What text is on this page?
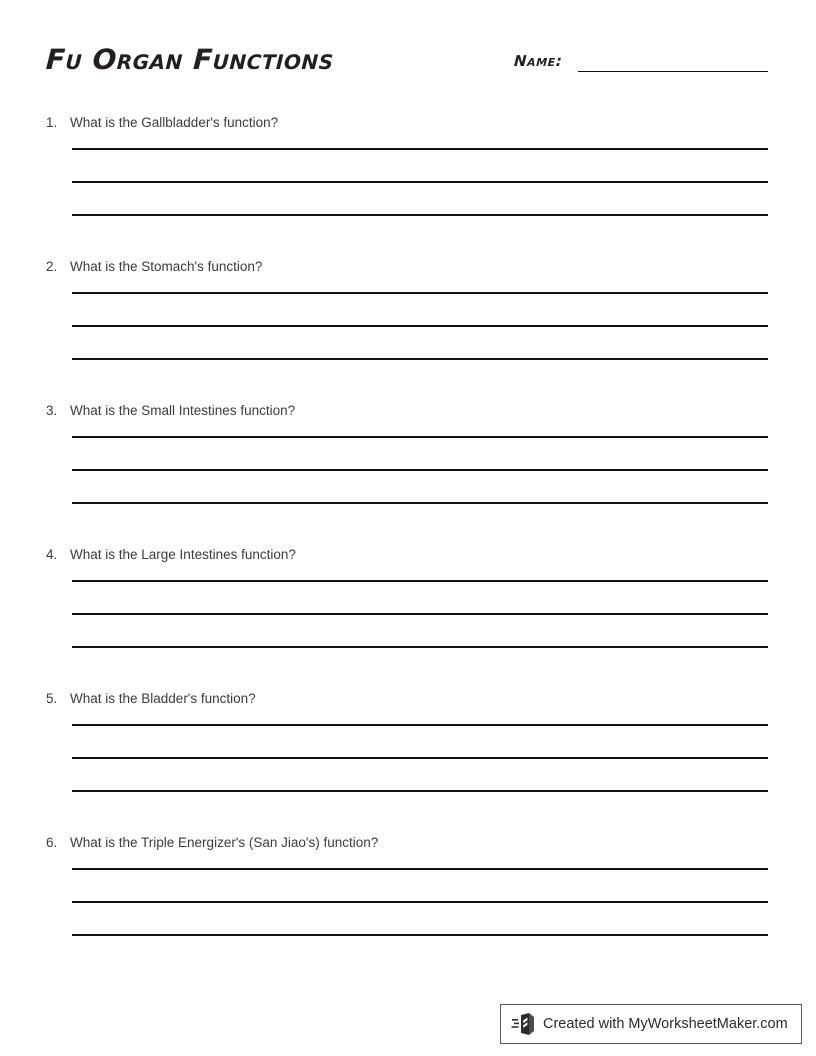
Fu Organ Functions	Name:
1. What is the Gallbladder's function?
2. What is the Stomach's function?
3. What is the Small Intestines function?
4. What is the Large Intestines function?
5. What is the Bladder's function?
6. What is the Triple Energizer's (San Jiao's) function?
Created with MyWorksheetMaker.com
